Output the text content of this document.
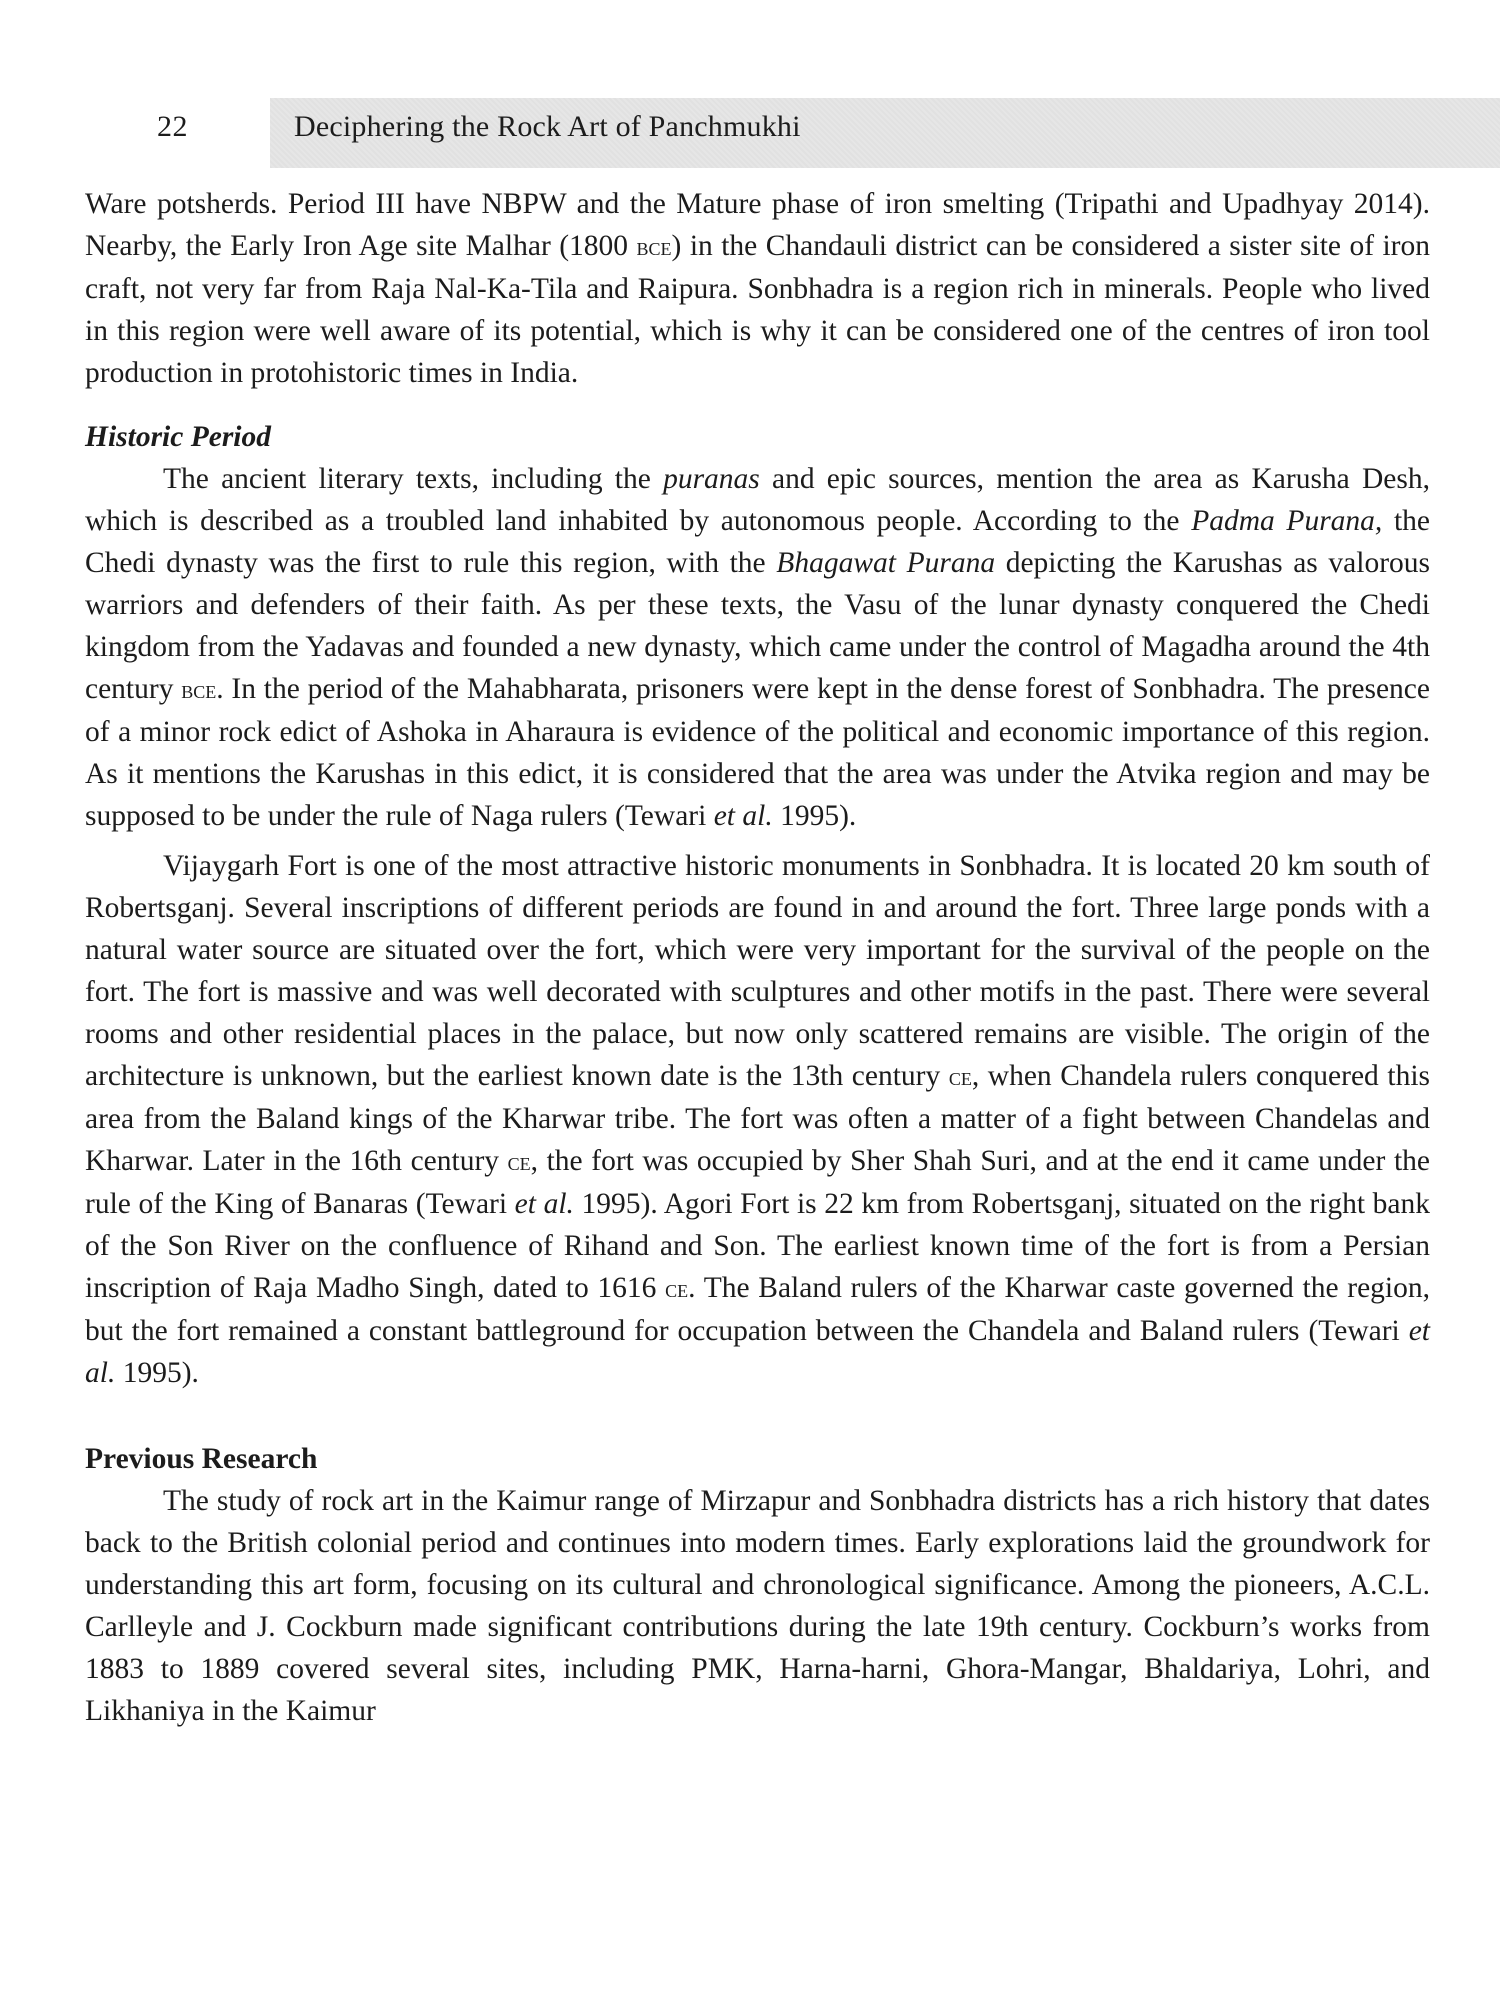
22	Deciphering the Rock Art of Panchmukhi

Ware potsherds. Period III have NBPW and the Mature phase of iron smelting (Tripathi and Upadhyay 2014). Nearby, the Early Iron Age site Malhar (1800 bce) in the Chandauli district can be considered a sister site of iron craft, not very far from Raja Nal-Ka-Tila and Raipura. Sonbhadra is a region rich in minerals. People who lived in this region were well aware of its potential, which is why it can be considered one of the centres of iron tool production in protohistoric times in India.

Historic Period

The ancient literary texts, including the puranas and epic sources, mention the area as Karusha Desh, which is described as a troubled land inhabited by autonomous people. According to the Padma Purana, the Chedi dynasty was the first to rule this region, with the Bhagawat Purana depicting the Karushas as valorous warriors and defenders of their faith. As per these texts, the Vasu of the lunar dynasty conquered the Chedi kingdom from the Yadavas and founded a new dynasty, which came under the control of Magadha around the 4th century bce. In the period of the Mahabharata, prisoners were kept in the dense forest of Sonbhadra. The presence of a minor rock edict of Ashoka in Aharaura is evidence of the political and economic importance of this region. As it mentions the Karushas in this edict, it is considered that the area was under the Atvika region and may be supposed to be under the rule of Naga rulers (Tewari et al. 1995).

Vijaygarh Fort is one of the most attractive historic monuments in Sonbhadra. It is located 20 km south of Robertsganj. Several inscriptions of different periods are found in and around the fort. Three large ponds with a natural water source are situated over the fort, which were very important for the survival of the people on the fort. The fort is massive and was well decorated with sculptures and other motifs in the past. There were several rooms and other residential places in the palace, but now only scattered remains are visible. The origin of the architecture is unknown, but the earliest known date is the 13th century ce, when Chandela rulers conquered this area from the Baland kings of the Kharwar tribe. The fort was often a matter of a fight between Chandelas and Kharwar. Later in the 16th century ce, the fort was occupied by Sher Shah Suri, and at the end it came under the rule of the King of Banaras (Tewari et al. 1995). Agori Fort is 22 km from Robertsganj, situated on the right bank of the Son River on the confluence of Rihand and Son. The earliest known time of the fort is from a Persian inscription of Raja Madho Singh, dated to 1616 ce. The Baland rulers of the Kharwar caste governed the region, but the fort remained a constant battleground for occupation between the Chandela and Baland rulers (Tewari et al. 1995).

Previous Research

The study of rock art in the Kaimur range of Mirzapur and Sonbhadra districts has a rich history that dates back to the British colonial period and continues into modern times. Early explorations laid the groundwork for understanding this art form, focusing on its cultural and chronological significance. Among the pioneers, A.C.L. Carlleyle and J. Cockburn made significant contributions during the late 19th century. Cockburn’s works from 1883 to 1889 covered several sites, including PMK, Harna-harni, Ghora-Mangar, Bhaldariya, Lohri, and Likhaniya in the Kaimur
